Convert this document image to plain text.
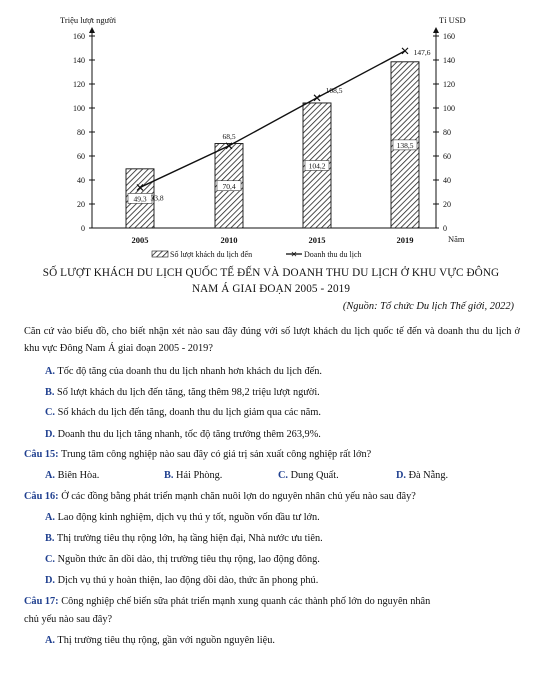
Triệu lượt người	Tỉ USD
Năm
0
20
40
60
80
100
120
140
160
0
20
40
60
80
100
120
140
160
49,3
70,4
104,2
138,5
2005	2010	2015	2019
33,8
68,5
108,5
147,6
Số lượt khách du lịch đến	✕ Doanh thu du lịch
SỐ LƯỢT KHÁCH DU LỊCH QUỐC TẾ ĐẾN VÀ DOANH THU DU LỊCH Ở KHU VỰC ĐÔNG
NAM Á GIAI ĐOẠN 2005 - 2019
(Nguồn: Tổ chức Du lịch Thế giới, 2022)
Căn cứ vào biểu đồ, cho biết nhận xét nào sau đây đúng với số lượt khách du lịch quốc tế đến và doanh thu du lịch ở khu vực Đông Nam Á giai đoạn 2005 - 2019?
A. Tốc độ tăng của doanh thu du lịch nhanh hơn khách du lịch đến.
B. Số lượt khách du lịch đến tăng, tăng thêm 98,2 triệu lượt người.
C. Số khách du lịch đến tăng, doanh thu du lịch giảm qua các năm.
D. Doanh thu du lịch tăng nhanh, tốc độ tăng trưởng thêm 263,9%.
Câu 15: Trung tâm công nghiệp nào sau đây có giá trị sản xuất công nghiệp rất lớn?
A. Biên Hòa.	B. Hải Phòng.	C. Dung Quất.	D. Đà Nẵng.
Câu 16: Ở các đồng bằng phát triển mạnh chăn nuôi lợn do nguyên nhân chủ yếu nào sau đây?
A. Lao động kinh nghiệm, dịch vụ thú y tốt, nguồn vốn đầu tư lớn.
B. Thị trường tiêu thụ rộng lớn, hạ tầng hiện đại, Nhà nước ưu tiên.
C. Nguồn thức ăn dồi dào, thị trường tiêu thụ rộng, lao động đông.
D. Dịch vụ thú y hoàn thiện, lao động dồi dào, thức ăn phong phú.
Câu 17: Công nghiệp chế biến sữa phát triển mạnh xung quanh các thành phố lớn do nguyên nhân
chủ yếu nào sau đây?
A. Thị trường tiêu thụ rộng, gần với nguồn nguyên liệu.
